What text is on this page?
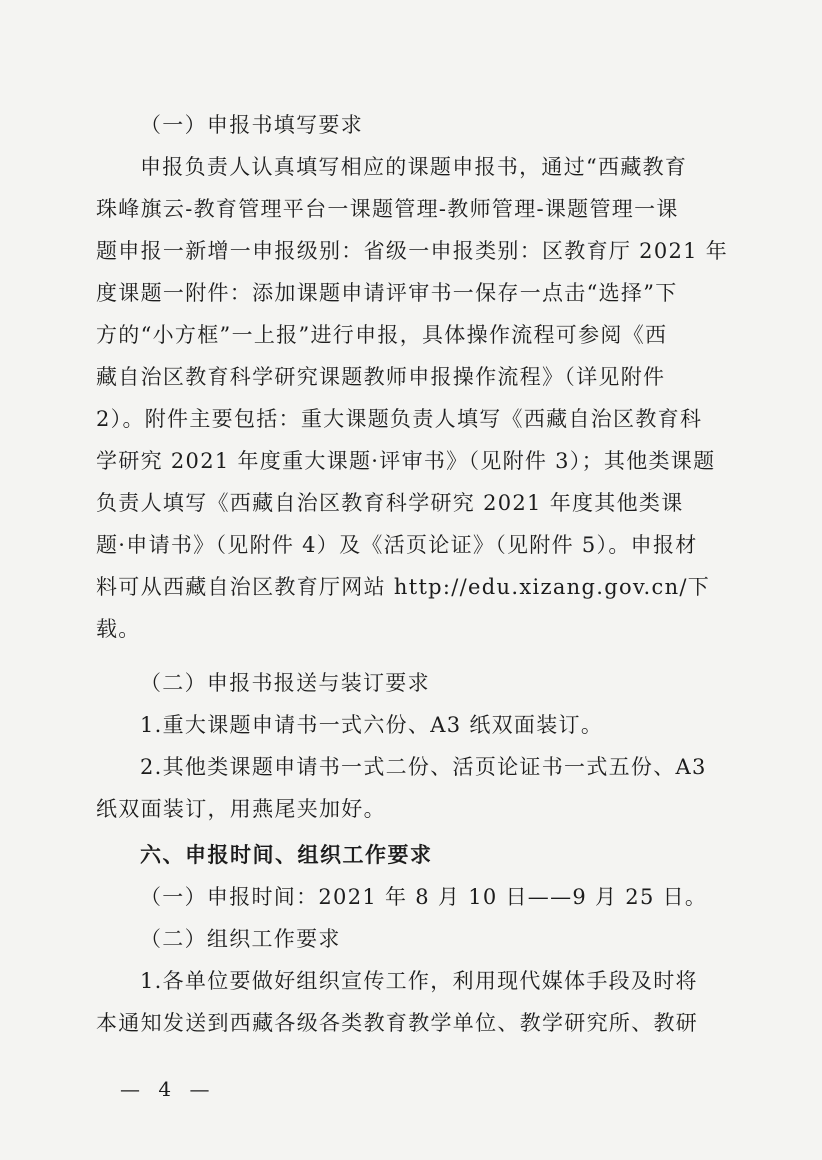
（一）申报书填写要求
申报负责人认真填写相应的课题申报书，通过“西藏教育
珠峰旗云-教育管理平台一课题管理-教师管理-课题管理一课
题申报一新增一申报级别：省级一申报类别：区教育厅 2021 年
度课题一附件：添加课题申请评审书一保存一点击“选择”下
方的“小方框”一上报”进行申报，具体操作流程可参阅《西
藏自治区教育科学研究课题教师申报操作流程》（详见附件
2）。附件主要包括：重大课题负责人填写《西藏自治区教育科
学研究 2021 年度重大课题·评审书》（见附件 3）；其他类课题
负责人填写《西藏自治区教育科学研究 2021 年度其他类课
题·申请书》（见附件 4）及《活页论证》（见附件 5）。申报材
料可从西藏自治区教育厅网站 http://edu.xizang.gov.cn/下
载。
（二）申报书报送与装订要求
1.重大课题申请书一式六份、A3 纸双面装订。
2.其他类课题申请书一式二份、活页论证书一式五份、A3
纸双面装订，用燕尾夹加好。
六、申报时间、组织工作要求
（一）申报时间：2021 年 8 月 10 日——9 月 25 日。
（二）组织工作要求
1.各单位要做好组织宣传工作，利用现代媒体手段及时将
本通知发送到西藏各级各类教育教学单位、教学研究所、教研
— 4 —
